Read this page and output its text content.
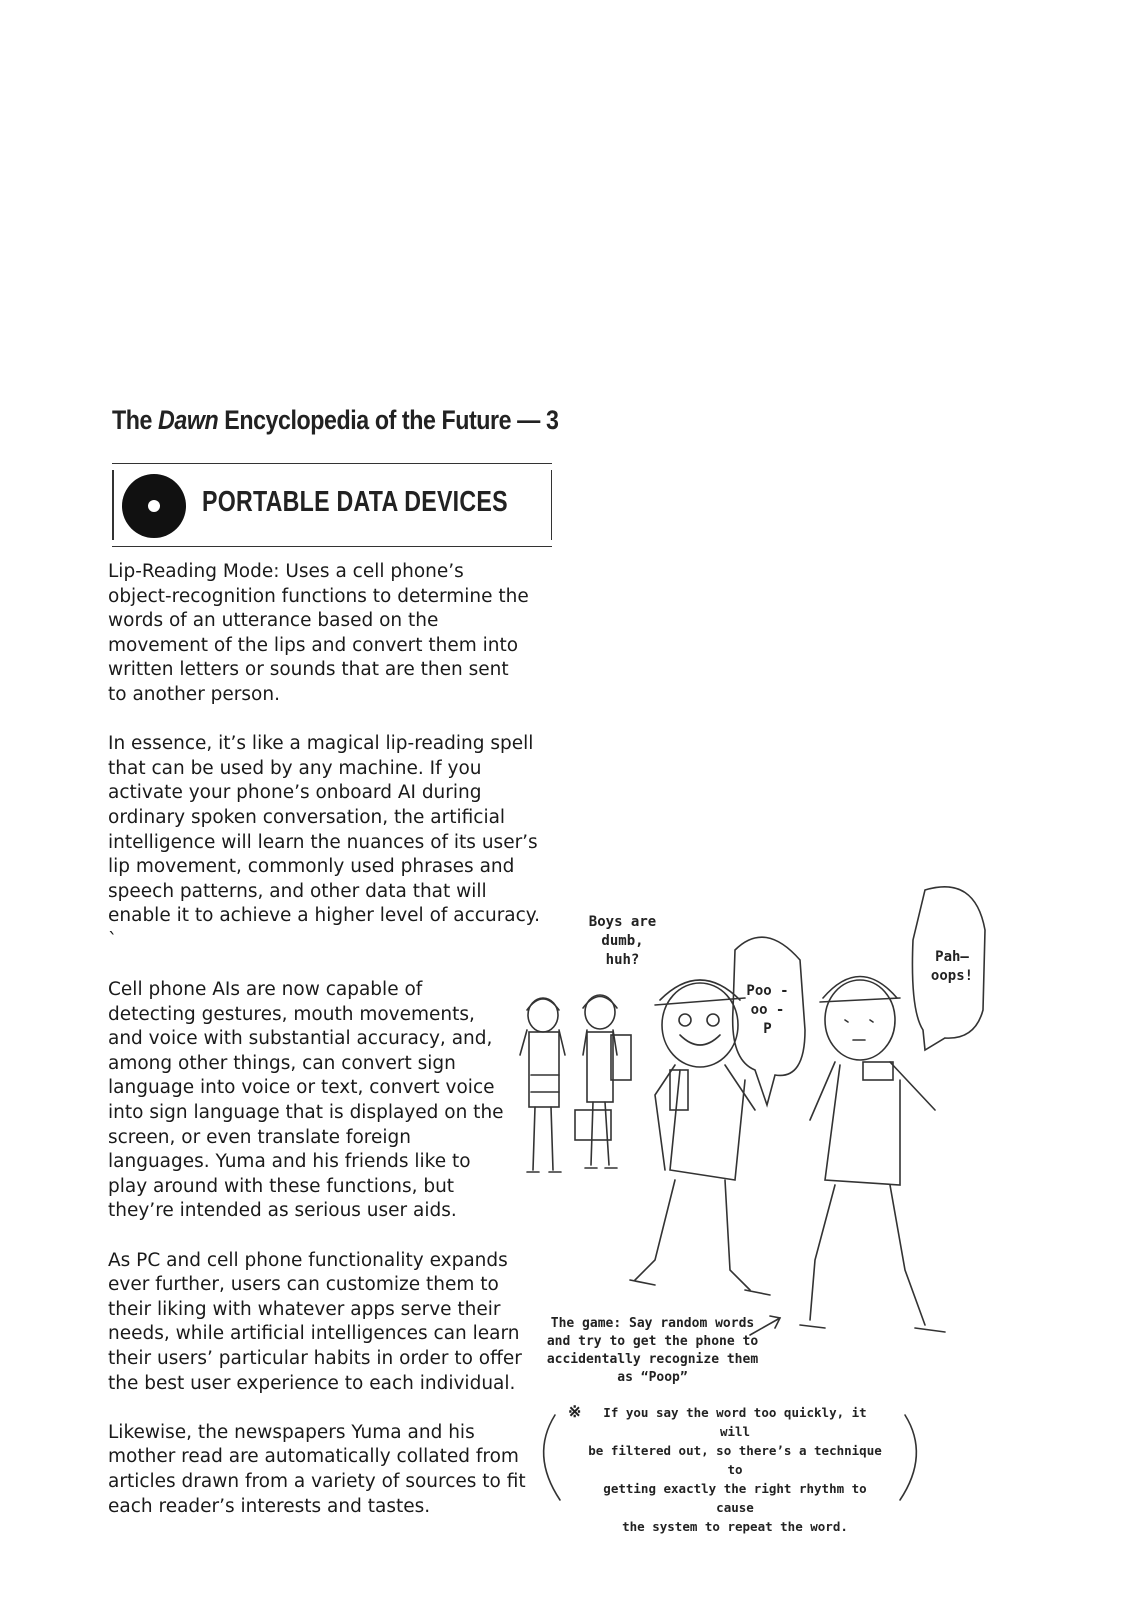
The Dawn Encyclopedia of the Future — 3
PORTABLE DATA DEVICES

Lip-Reading Mode: Uses a cell phone’s object-recognition functions to determine the words of an utterance based on the movement of the lips and convert them into written letters or sounds that are then sent to another person.

In essence, it’s like a magical lip-reading spell that can be used by any machine. If you activate your phone’s onboard AI during ordinary spoken conversation, the artificial intelligence will learn the nuances of its user’s lip movement, commonly used phrases and speech patterns, and other data that will enable it to achieve a higher level of accuracy. `

Cell phone AIs are now capable of detecting gestures, mouth movements, and voice with substantial accuracy, and, among other things, can convert sign language into voice or text, convert voice into sign language that is displayed on the screen, or even translate foreign languages. Yuma and his friends like to play around with these functions, but they’re intended as serious user aids.

As PC and cell phone functionality expands ever further, users can customize them to their liking with whatever apps serve their needs, while artificial intelligences can learn their users’ particular habits in order to offer the best user experience to each individual.

Likewise, the newspapers Yuma and his mother read are automatically collated from articles drawn from a variety of sources to fit each reader’s interests and tastes.

Boys are
dumb,
huh?
Poo -
oo -
P
Pah—
oops!
The game: Say random words
and try to get the phone to
accidentally recognize them
as “Poop”
※	If you say the word too quickly, it will
be filtered out, so there’s a technique to
getting exactly the right rhythm to cause
the system to repeat the word.
